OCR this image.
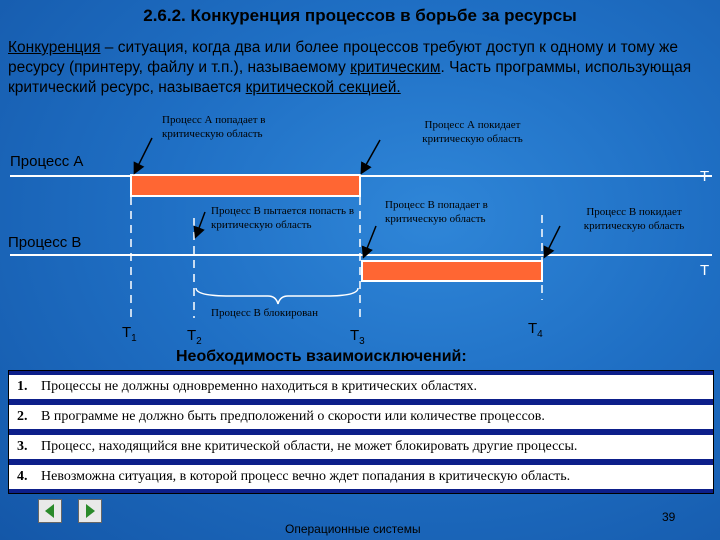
2.6.2. Конкуренция процессов в борьбе за ресурсы
Конкуренция – ситуация, когда два или более процессов требуют доступ к одному и тому же ресурсу (принтеру, файлу и т.п.), называемому критическим. Часть программы, использующая критический ресурс, называется критической секцией.
Процесс А
Процесс В
T
T
Процесс А попадает в критическую область
Процесс А покидает критическую область
Процесс В пытается попасть в критическую область
Процесс В попадает в критическую область
Процесс В покидает критическую область
Процесс В блокирован
$T_1$	$T_2$	$T_3$
$T_4$
Необходимость взаимоисключений:
1. Процессы не должны одновременно находиться в критических областях.
2. В программе не должно быть предположений о скорости или количестве процессов.
3. Процесс, находящийся вне критической области, не может блокировать другие процессы.
4. Невозможна ситуация, в которой процесс вечно ждет попадания в критическую область.
Операционные системы
39
